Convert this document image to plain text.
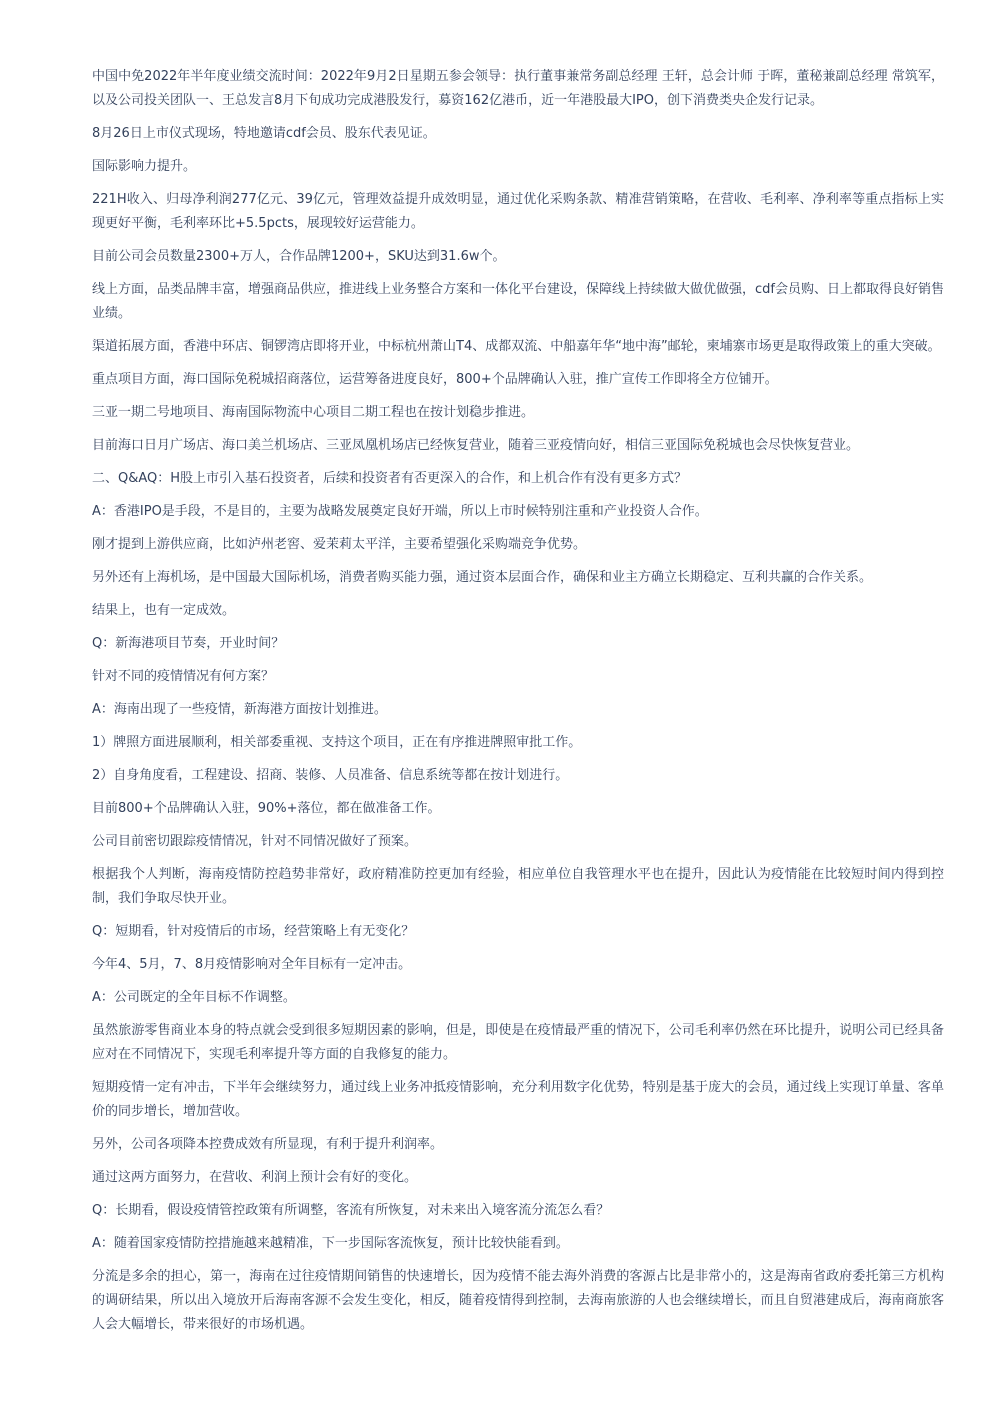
中国中免2022年半年度业绩交流时间：2022年9月2日星期五参会领导：执行董事兼常务副总经理 王轩，总会计师 于晖，董秘兼副总经理 常筑军，以及公司投关团队一、王总发言8月下旬成功完成港股发行，募资162亿港币，近一年港股最大IPO，创下消费类央企发行记录。

8月26日上市仪式现场，特地邀请cdf会员、股东代表见证。

国际影响力提升。

221H收入、归母净利润277亿元、39亿元，管理效益提升成效明显，通过优化采购条款、精准营销策略，在营收、毛利率、净利率等重点指标上实现更好平衡，毛利率环比+5.5pcts，展现较好运营能力。

目前公司会员数量2300+万人，合作品牌1200+，SKU达到31.6w个。

线上方面，品类品牌丰富，增强商品供应，推进线上业务整合方案和一体化平台建设，保障线上持续做大做优做强，cdf会员购、日上都取得良好销售业绩。

渠道拓展方面，香港中环店、铜锣湾店即将开业，中标杭州萧山T4、成都双流、中船嘉年华“地中海”邮轮，柬埔寨市场更是取得政策上的重大突破。

重点项目方面，海口国际免税城招商落位，运营筹备进度良好，800+个品牌确认入驻，推广宣传工作即将全方位铺开。

三亚一期二号地项目、海南国际物流中心项目二期工程也在按计划稳步推进。

目前海口日月广场店、海口美兰机场店、三亚凤凰机场店已经恢复营业，随着三亚疫情向好，相信三亚国际免税城也会尽快恢复营业。

二、Q&AQ：H股上市引入基石投资者，后续和投资者有否更深入的合作，和上机合作有没有更多方式？

A：香港IPO是手段，不是目的，主要为战略发展奠定良好开端，所以上市时候特别注重和产业投资人合作。

刚才提到上游供应商，比如泸州老窖、爱茉莉太平洋，主要希望强化采购端竞争优势。

另外还有上海机场，是中国最大国际机场，消费者购买能力强，通过资本层面合作，确保和业主方确立长期稳定、互利共赢的合作关系。

结果上，也有一定成效。

Q：新海港项目节奏，开业时间？

针对不同的疫情情况有何方案？

A：海南出现了一些疫情，新海港方面按计划推进。

1）牌照方面进展顺利，相关部委重视、支持这个项目，正在有序推进牌照审批工作。

2）自身角度看，工程建设、招商、装修、人员准备、信息系统等都在按计划进行。

目前800+个品牌确认入驻，90%+落位，都在做准备工作。

公司目前密切跟踪疫情情况，针对不同情况做好了预案。

根据我个人判断，海南疫情防控趋势非常好，政府精准防控更加有经验，相应单位自我管理水平也在提升，因此认为疫情能在比较短时间内得到控制，我们争取尽快开业。

Q：短期看，针对疫情后的市场，经营策略上有无变化？

今年4、5月，7、8月疫情影响对全年目标有一定冲击。

A：公司既定的全年目标不作调整。

虽然旅游零售商业本身的特点就会受到很多短期因素的影响，但是，即使是在疫情最严重的情况下，公司毛利率仍然在环比提升，说明公司已经具备应对在不同情况下，实现毛利率提升等方面的自我修复的能力。

短期疫情一定有冲击，下半年会继续努力，通过线上业务冲抵疫情影响，充分利用数字化优势，特别是基于庞大的会员，通过线上实现订单量、客单价的同步增长，增加营收。

另外，公司各项降本控费成效有所显现，有利于提升利润率。

通过这两方面努力，在营收、利润上预计会有好的变化。

Q：长期看，假设疫情管控政策有所调整，客流有所恢复，对未来出入境客流分流怎么看？

A：随着国家疫情防控措施越来越精准，下一步国际客流恢复，预计比较快能看到。

分流是多余的担心，第一，海南在过往疫情期间销售的快速增长，因为疫情不能去海外消费的客源占比是非常小的，这是海南省政府委托第三方机构的调研结果，所以出入境放开后海南客源不会发生变化，相反，随着疫情得到控制，去海南旅游的人也会继续增长，而且自贸港建成后，海南商旅客人会大幅增长，带来很好的市场机遇。
